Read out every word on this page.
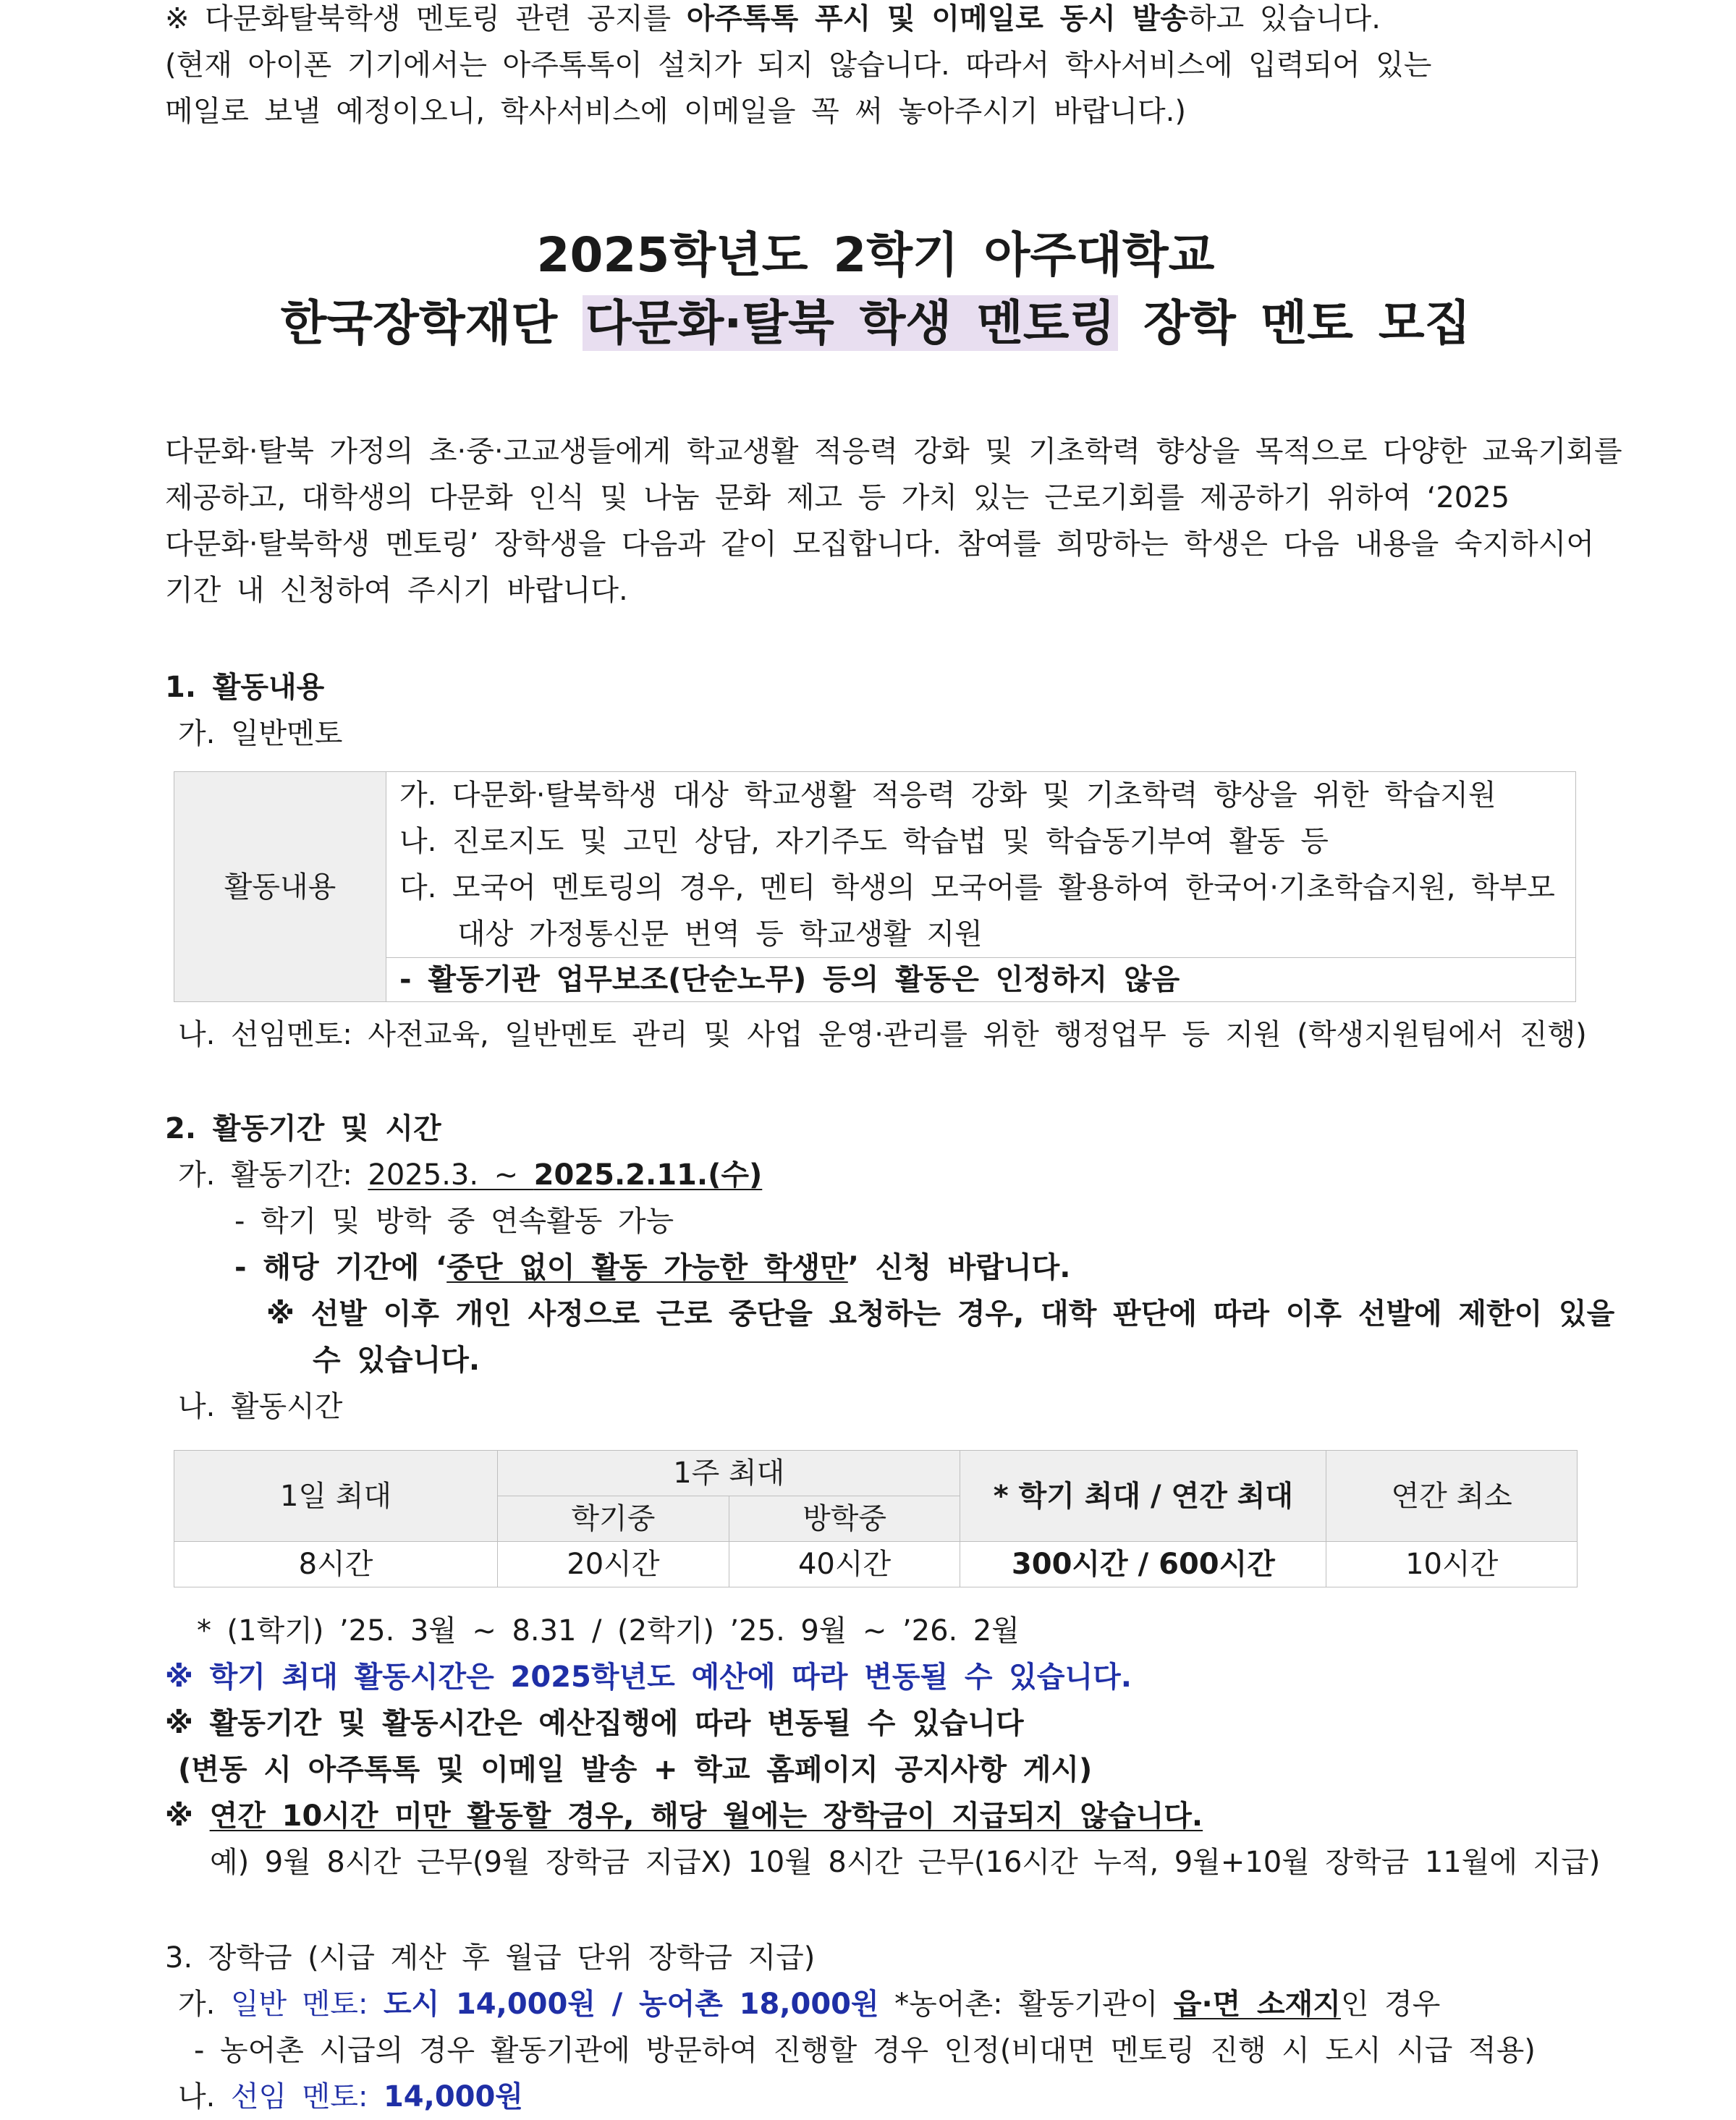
※ 다문화탈북학생 멘토링 관련 공지를 아주톡톡 푸시 및 이메일로 동시 발송하고 있습니다.

(현재 아이폰 기기에서는 아주톡톡이 설치가 되지 않습니다. 따라서 학사서비스에 입력되어 있는

메일로 보낼 예정이오니, 학사서비스에 이메일을 꼭 써 놓아주시기 바랍니다.)

2025학년도 2학기 아주대학교
한국장학재단 다문화·탈북 학생 멘토링 장학 멘토 모집

다문화·탈북 가정의 초·중·고교생들에게 학교생활 적응력 강화 및 기초학력 향상을 목적으로 다양한 교육기회를

제공하고, 대학생의 다문화 인식 및 나눔 문화 제고 등 가치 있는 근로기회를 제공하기 위하여 ‘2025

다문화·탈북학생 멘토링’ 장학생을 다음과 같이 모집합니다. 참여를 희망하는 학생은 다음 내용을 숙지하시어

기간 내 신청하여 주시기 바랍니다.

1. 활동내용

가. 일반멘토

활동내용	
가. 다문화·탈북학생 대상 학교생활 적응력 강화 및 기초학력 향상을 위한 학습지원
나. 진로지도 및 고민 상담, 자기주도 학습법 및 학습동기부여 활동 등
다. 모국어 멘토링의 경우, 멘티 학생의 모국어를 활용하여 한국어·기초학습지원, 학부모
대상 가정통신문 번역 등 학교생활 지원

- 활동기관 업무보조(단순노무) 등의 활동은 인정하지 않음

나. 선임멘토: 사전교육, 일반멘토 관리 및 사업 운영·관리를 위한 행정업무 등 지원 (학생지원팀에서 진행)

2. 활동기간 및 시간

가. 활동기간: 2025.3. ~ 2025.2.11.(수)

- 학기 및 방학 중 연속활동 가능

- 해당 기간에 ‘중단 없이 활동 가능한 학생만’ 신청 바랍니다.

※ 선발 이후 개인 사정으로 근로 중단을 요청하는 경우, 대학 판단에 따라 이후 선발에 제한이 있을

수 있습니다.

나. 활동시간

1일 최대	1주 최대		* 학기 최대 / 연간 최대	연간 최소
	학기중	방학중		
8시간	20시간	40시간	300시간 / 600시간	10시간

* (1학기) ’25. 3월 ~ 8.31 / (2학기) ’25. 9월 ~ ’26. 2월

※ 학기 최대 활동시간은 2025학년도 예산에 따라 변동될 수 있습니다.

※ 활동기간 및 활동시간은 예산집행에 따라 변동될 수 있습니다

(변동 시 아주톡톡 및 이메일 발송 + 학교 홈페이지 공지사항 게시)

※ 연간 10시간 미만 활동할 경우, 해당 월에는 장학금이 지급되지 않습니다.

예) 9월 8시간 근무(9월 장학금 지급X) 10월 8시간 근무(16시간 누적, 9월+10월 장학금 11월에 지급)

3. 장학금 (시급 계산 후 월급 단위 장학금 지급)

가. 일반 멘토: 도시 14,000원 / 농어촌 18,000원 *농어촌: 활동기관이 읍·면 소재지인 경우

- 농어촌 시급의 경우 활동기관에 방문하여 진행할 경우 인정(비대면 멘토링 진행 시 도시 시급 적용)

나. 선임 멘토: 14,000원
